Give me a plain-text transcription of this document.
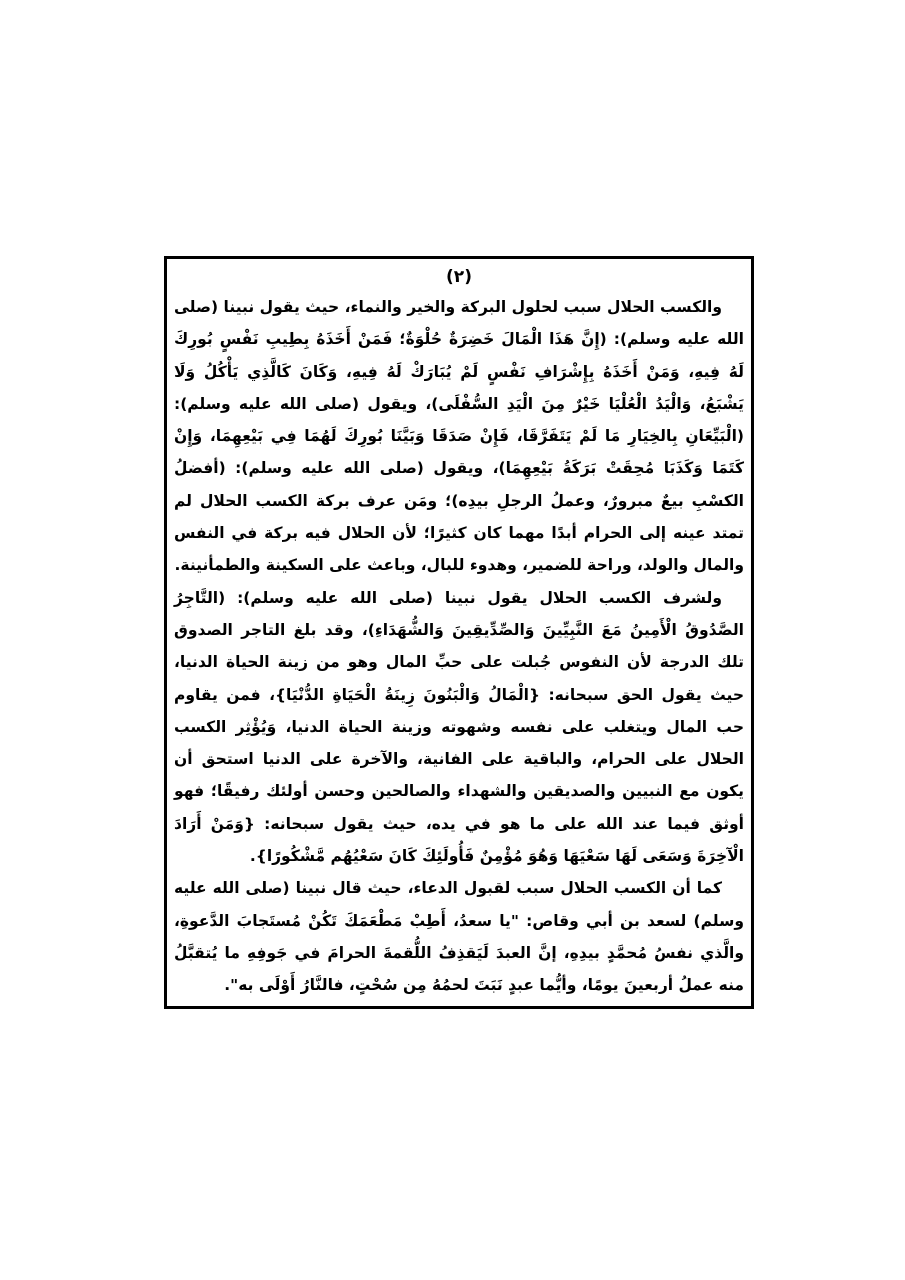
(٢)

والكسب الحلال سبب لحلول البركة والخير والنماء، حيث يقول نبينا (صلى الله عليه وسلم): (إِنَّ هَذَا الْمَالَ خَضِرَةٌ حُلْوَةٌ؛ فَمَنْ أَخَذَهُ بِطِيبِ نَفْسٍ بُورِكَ لَهُ فِيهِ، وَمَنْ أَخَذَهُ بِإِشْرَافِ نَفْسٍ لَمْ يُبَارَكْ لَهُ فِيهِ، وَكَانَ كَالَّذِي يَأْكُلُ وَلَا يَشْبَعُ، وَالْيَدُ الْعُلْيَا خَيْرٌ مِنَ الْيَدِ السُّفْلَى)، ويقول (صلى الله عليه وسلم): (الْبَيِّعَانِ بِالخِيَارِ مَا لَمْ يَتَفَرَّقَا، فَإِنْ صَدَقَا وَبَيَّنَا بُورِكَ لَهُمَا فِي بَيْعِهِمَا، وَإِنْ كَتَمَا وَكَذَبَا مُحِقَتْ بَرَكَةُ بَيْعِهِمَا)، ويقول (صلى الله عليه وسلم): (أفضلُ الكسْبِ بيعٌ مبرورٌ، وعملُ الرجلِ بيدِه)؛ ومَن عرف بركة الكسب الحلال لم تمتد عينه إلى الحرام أبدًا مهما كان كثيرًا؛ لأن الحلال فيه بركة في النفس والمال والولد، وراحة للضمير، وهدوء للبال، وباعث على السكينة والطمأنينة.

ولشرف الكسب الحلال يقول نبينا (صلى الله عليه وسلم): (التَّاجِرُ الصَّدُوقُ الْأَمِينُ مَعَ النَّبِيِّينَ وَالصِّدِّيقِينَ وَالشُّهَدَاءِ)، وقد بلغ التاجر الصدوق تلك الدرجة لأن النفوس جُبلت على حبِّ المال وهو من زينة الحياة الدنيا، حيث يقول الحق سبحانه: {الْمَالُ وَالْبَنُونَ زِينَةُ الْحَيَاةِ الدُّنْيَا}، فمن يقاوم حب المال ويتغلب على نفسه وشهوته وزينة الحياة الدنيا، وَيُؤْثِر الكسب الحلال على الحرام، والباقية على الفانية، والآخرة على الدنيا استحق أن يكون مع النبيين والصديقين والشهداء والصالحين وحسن أولئك رفيقًا؛ فهو أوثق فيما عند الله على ما هو في يده، حيث يقول سبحانه: {وَمَنْ أَرَادَ الْآخِرَةَ وَسَعَى لَهَا سَعْيَهَا وَهُوَ مُؤْمِنٌ فَأُولَئِكَ كَانَ سَعْيُهُم مَّشْكُورًا}.

كما أن الكسب الحلال سبب لقبول الدعاء، حيث قال نبينا (صلى الله عليه وسلم) لسعد بن أبي وقاص: "يا سعدُ، أَطِبْ مَطْعَمَكَ تَكُنْ مُستَجابَ الدَّعوةِ، والَّذي نفسُ مُحمَّدٍ بيدِهِ، إنَّ العبدَ لَيَقذِفُ اللُّقمةَ الحرامَ في جَوفِهِ ما يُتقبَّلُ منه عملُ أربعينَ يومًا، وأيُّما عبدٍ نَبَتَ لحمُهُ مِن سُحْتٍ، فالنَّارُ أَوْلَى به".
